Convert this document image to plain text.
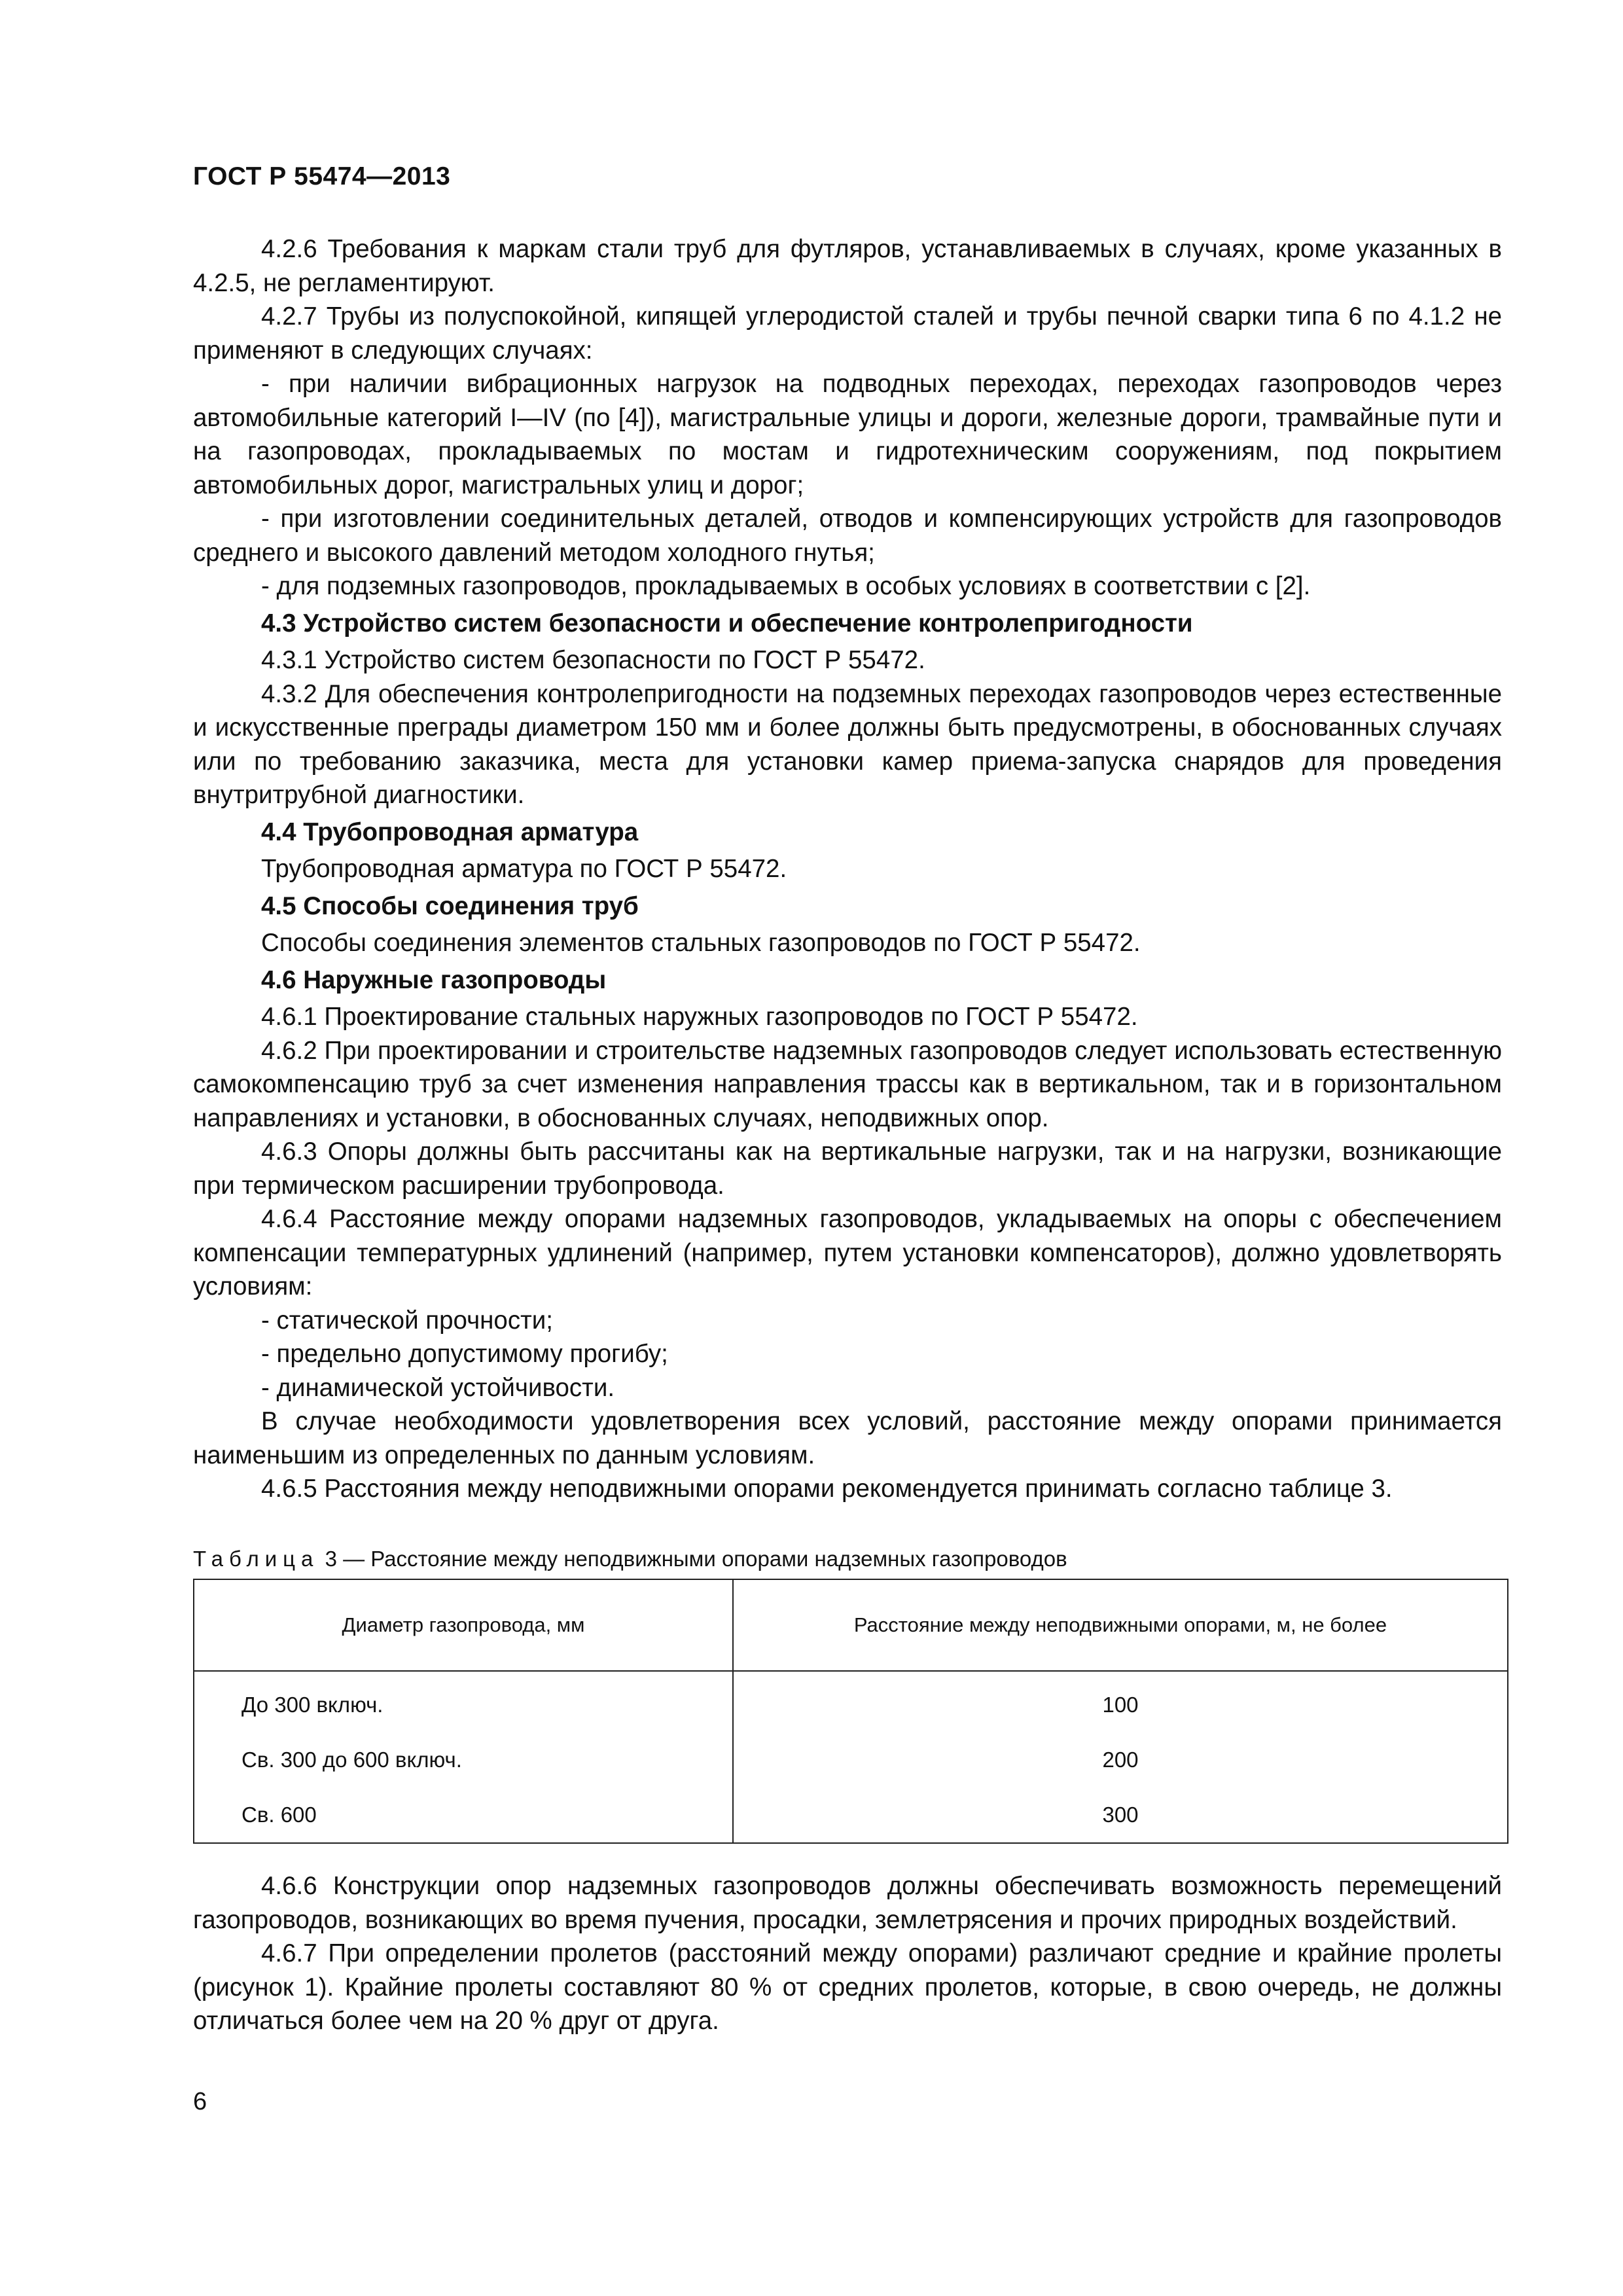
ГОСТ Р 55474—2013

4.2.6 Требования к маркам стали труб для футляров, устанавливаемых в случаях, кроме указанных в 4.2.5, не регламентируют.

4.2.7 Трубы из полуспокойной, кипящей углеродистой сталей и трубы печной сварки типа 6 по 4.1.2 не применяют в следующих случаях:

- при наличии вибрационных нагрузок на подводных переходах, переходах газопроводов через автомобильные категорий I—IV (по [4]), магистральные улицы и дороги, железные дороги, трамвайные пути и на газопроводах, прокладываемых по мостам и гидротехническим сооружениям, под покрытием автомобильных дорог, магистральных улиц и дорог;

- при изготовлении соединительных деталей, отводов и компенсирующих устройств для газопроводов среднего и высокого давлений методом холодного гнутья;

- для подземных газопроводов, прокладываемых в особых условиях в соответствии с [2].

4.3 Устройство систем безопасности и обеспечение контролепригодности

4.3.1 Устройство систем безопасности по ГОСТ Р 55472.

4.3.2 Для обеспечения контролепригодности на подземных переходах газопроводов через естественные и искусственные преграды диаметром 150 мм и более должны быть предусмотрены, в обоснованных случаях или по требованию заказчика, места для установки камер приема-запуска снарядов для проведения внутритрубной диагностики.

4.4 Трубопроводная арматура

Трубопроводная арматура по ГОСТ Р 55472.

4.5 Способы соединения труб

Способы соединения элементов стальных газопроводов по ГОСТ Р 55472.

4.6 Наружные газопроводы

4.6.1 Проектирование стальных наружных газопроводов по ГОСТ Р 55472.

4.6.2 При проектировании и строительстве надземных газопроводов следует использовать естественную самокомпенсацию труб за счет изменения направления трассы как в вертикальном, так и в горизонтальном направлениях и установки, в обоснованных случаях, неподвижных опор.

4.6.3 Опоры должны быть рассчитаны как на вертикальные нагрузки, так и на нагрузки, возникающие при термическом расширении трубопровода.

4.6.4 Расстояние между опорами надземных газопроводов, укладываемых на опоры с обеспечением компенсации температурных удлинений (например, путем установки компенсаторов), должно удовлетворять условиям:

- статической прочности;

- предельно допустимому прогибу;

- динамической устойчивости.

В случае необходимости удовлетворения всех условий, расстояние между опорами принимается наименьшим из определенных по данным условиям.

4.6.5 Расстояния между неподвижными опорами рекомендуется принимать согласно таблице 3.

Таблица 3 — Расстояние между неподвижными опорами надземных газопроводов
Диаметр газопровода, мм	Расстояние между неподвижными опорами, м, не более
До 300 включ.	100
Св. 300 до 600 включ.	200
Св. 600	300

4.6.6 Конструкции опор надземных газопроводов должны обеспечивать возможность перемещений газопроводов, возникающих во время пучения, просадки, землетрясения и прочих природных воздействий.

4.6.7 При определении пролетов (расстояний между опорами) различают средние и крайние пролеты (рисунок 1). Крайние пролеты составляют 80 % от средних пролетов, которые, в свою очередь, не должны отличаться более чем на 20 % друг от друга.

6
